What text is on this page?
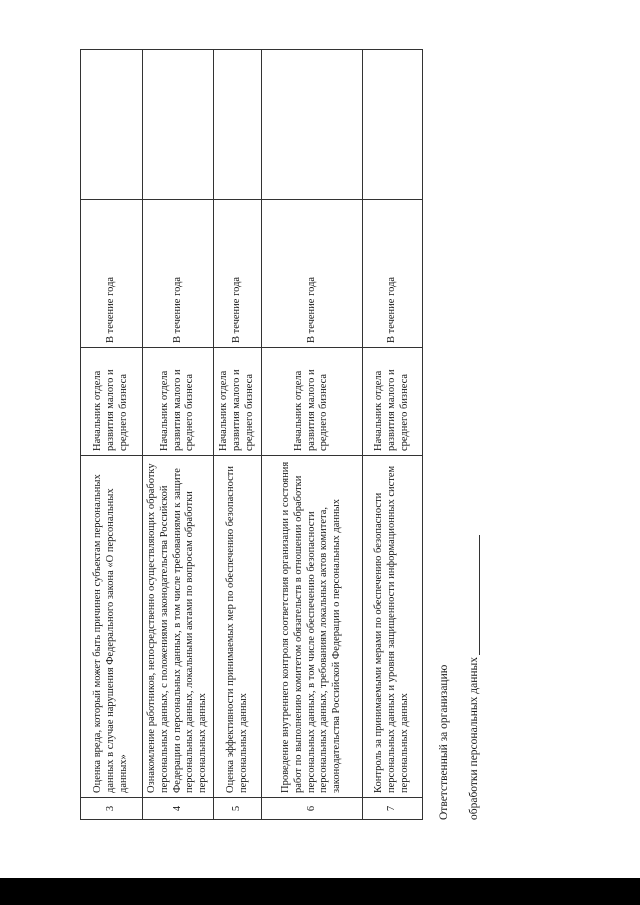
3	Оценка вреда, который может быть причинен субъектам персональных данных в случае нарушения Федерального закона «О персональных данных»	Начальник отдела развития малого и среднего бизнеса	В течение года	
4	Ознакомление работников, непосредственно осуществляющих обработку персональных данных, с положениями законодательства Российской Федерации о персональных данных, в том числе требованиями к защите персональных данных, локальными актами по вопросам обработки персональных данных	Начальник отдела развития малого и среднего бизнеса	В течение года	
5	Оценка эффективности принимаемых мер по обеспечению безопасности персональных данных	Начальник отдела развития малого и среднего бизнеса	В течение года	
6	Проведение внутреннего контроля соответствия организации и состояния работ по выполнению комитетом обязательств в отношении обработки персональных данных, в том числе обеспечению безопасности персональных данных, требованиям локальных актов комитета, законодательства Российской Федерации о персональных данных	Начальник отдела развития малого и среднего бизнеса	В течение года	
7	Контроль за принимаемыми мерами по обеспечению безопасности персональных данных и уровня защищенности информационных систем персональных данных	Начальник отдела развития малого и среднего бизнеса	В течение года	
Ответственный за организацию обработки персональных данных
